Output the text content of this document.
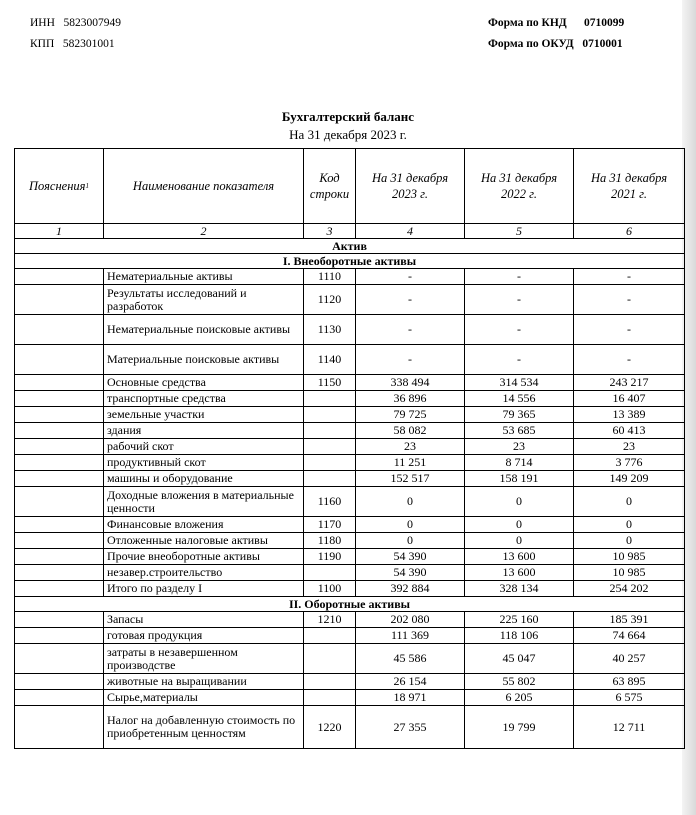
ИНН 5823007949
КПП 582301001
Форма по КНД 0710099
Форма по ОКУД 0710001
Бухгалтерский баланс
На 31 декабря 2023 г.
Пояснения$^1$	Наименование показателя	Код строки	На 31 декабря 2023 г.	На 31 декабря 2022 г.	На 31 декабря 2021 г.
1	2	3	4	5	6
Актив					
I. Внеоборотные активы					
	Нематериальные активы	1110	-	-	-
	Результаты исследований и разработок	1120	-	-	-
	Нематериальные поисковые активы	1130	-	-	-
	Материальные поисковые активы	1140	-	-	-
	Основные средства	1150	338 494	314 534	243 217
	транспортные средства		36 896	14 556	16 407
	земельные участки		79 725	79 365	13 389
	здания		58 082	53 685	60 413
	рабочий скот		23	23	23
	продуктивный скот		11 251	8 714	3 776
	машины и оборудование		152 517	158 191	149 209
	Доходные вложения в материальные ценности	1160	0	0	0
	Финансовые вложения	1170	0	0	0
	Отложенные налоговые активы	1180	0	0	0
	Прочие внеоборотные активы	1190	54 390	13 600	10 985
	незавер.строительство		54 390	13 600	10 985
	Итого по разделу I	1100	392 884	328 134	254 202
II. Оборотные активы					
	Запасы	1210	202 080	225 160	185 391
	готовая продукция		111 369	118 106	74 664
	затраты в незавершенном производстве		45 586	45 047	40 257
	животные на выращивании		26 154	55 802	63 895
	Сырье,материалы		18 971	6 205	6 575
	Налог на добавленную стоимость по приобретенным ценностям	1220	27 355	19 799	12 711
